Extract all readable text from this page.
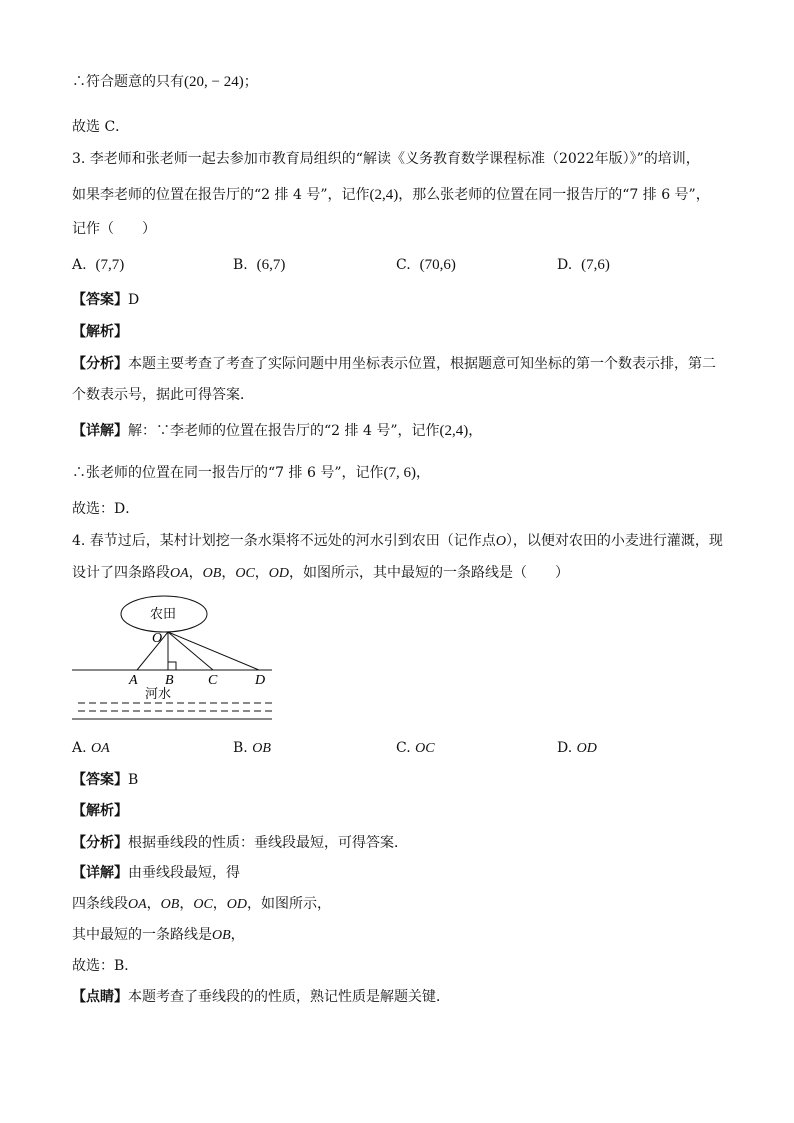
∴符合题意的只有(20, − 24)；
故选 C．
3. 李老师和张老师一起去参加市教育局组织的“解读《义务教育数学课程标准（2022年版）》”的培训，
如果李老师的位置在报告厅的“2 排 4 号”，记作(2,4)，那么张老师的位置在同一报告厅的“7 排 6 号”，
记作（　　）
A. (7,7)	B. (6,7)	C. (70,6)	D. (7,6)
【答案】D
【解析】
【分析】本题主要考查了考查了实际问题中用坐标表示位置，根据题意可知坐标的第一个数表示排，第二
个数表示号，据此可得答案．
【详解】解：∵李老师的位置在报告厅的“2 排 4 号”，记作(2,4)，
∴张老师的位置在同一报告厅的“7 排 6 号”，记作(7, 6)，
故选：D．
4. 春节过后，某村计划挖一条水渠将不远处的河水引到农田（记作点O），以便对农田的小麦进行灌溉，现
设计了四条路段OA，OB，OC，OD，如图所示，其中最短的一条路线是（　　）
农田
O
A B C	D
河水
A. OA	B. OB	C. OC	D. OD
【答案】B
【解析】
【分析】根据垂线段的性质：垂线段最短，可得答案．
【详解】由垂线段最短，得
四条线段OA，OB，OC，OD，如图所示，
其中最短的一条路线是OB，
故选：B．
【点睛】本题考查了垂线段的的性质，熟记性质是解题关键．
